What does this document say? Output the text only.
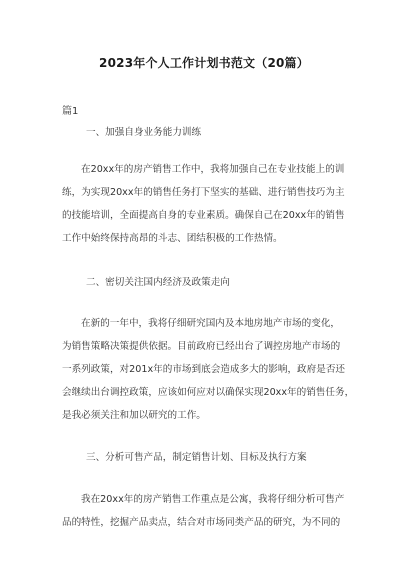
2023年个人工作计划书范文（20篇）
篇1
一、加强自身业务能力训练
在20xx年的房产销售工作中，我将加强自己在专业技能上的训
练，为实现20xx年的销售任务打下坚实的基础、进行销售技巧为主
的技能培训，全面提高自身的专业素质。确保自己在20xx年的销售
工作中始终保持高昂的斗志、团结积极的工作热情。
二、密切关注国内经济及政策走向
在新的一年中，我将仔细研究国内及本地房地产市场的变化，
为销售策略决策提供依据。目前政府已经出台了调控房地产市场的
一系列政策，对201x年的市场到底会造成多大的影响，政府是否还
会继续出台调控政策，应该如何应对以确保实现20xx年的销售任务，
是我必须关注和加以研究的工作。
三、分析可售产品，制定销售计划、目标及执行方案
我在20xx年的房产销售工作重点是公寓，我将仔细分析可售产
品的特性，挖掘产品卖点，结合对市场同类产品的研究，为不同的
